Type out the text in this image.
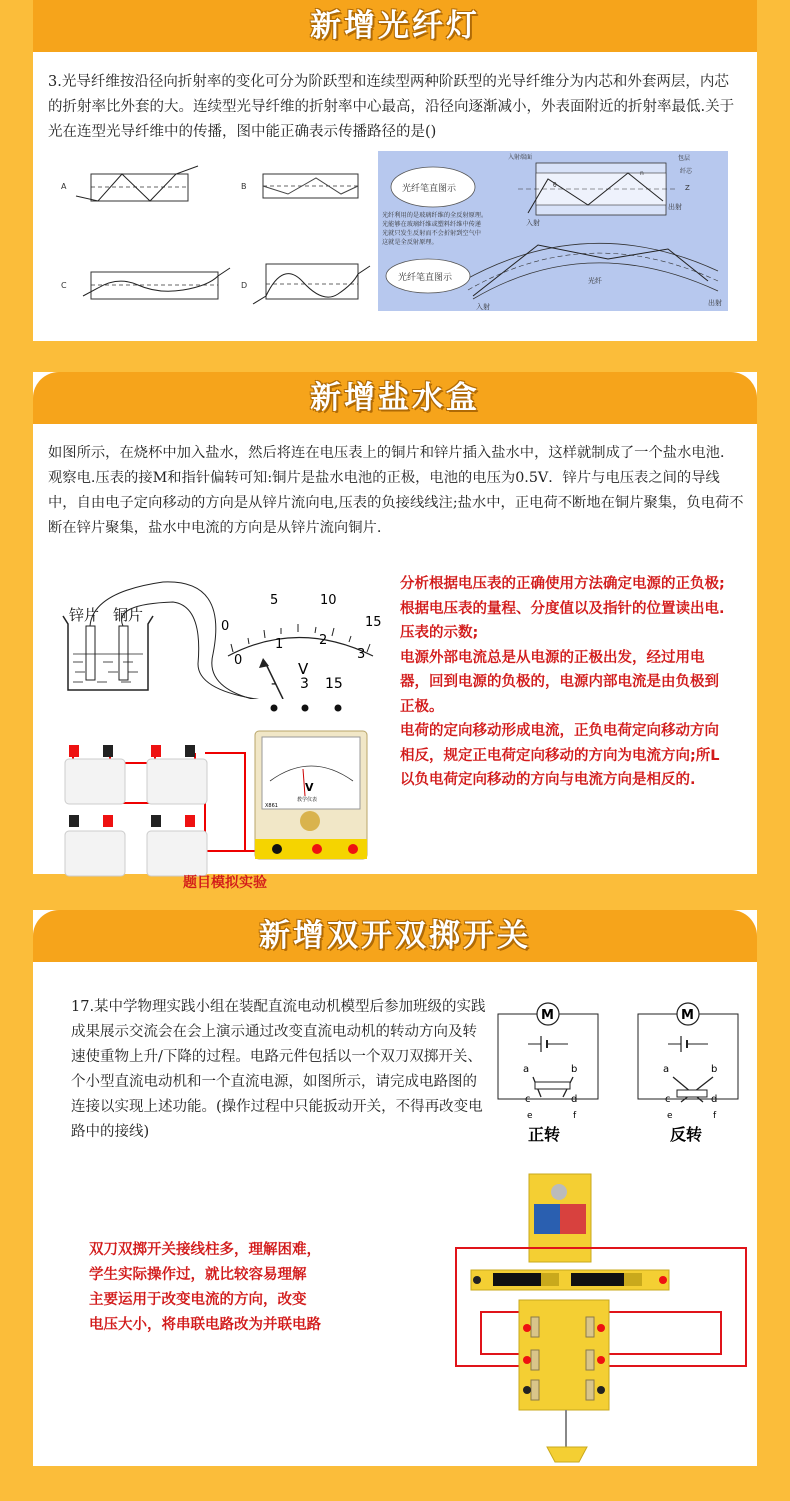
新增光纤灯
3.光导纤维按沿径向折射率的变化可分为阶跃型和连续型两种阶跃型的光导纤维分为内芯和外套两层，内芯的折射率比外套的大。连续型光导纤维的折射率中心最高，沿径向逐渐减小，外表面附近的折射率最低.关于光在连型光导纤维中的传播，图中能正确表示传播路径的是()
A	B
C	D
入射端面	包层
纤芯
Z
入射
出射
n
θ
光纤笔直图示
光纤利用的是玻璃纤维的全反射原理。 光能够在玻璃纤维或塑料纤维中传递 光就只发生反射而不会折射到空气中 这就是全反射原理。
光纤
入射	出射
光纤笔直图示
新增盐水盒
如图所示，在烧杯中加入盐水，然后将连在电压表上的铜片和锌片插入盐水中，这样就制成了一个盐水电池．观察电.压表的接M和指针偏转可知:铜片是盐水电池的正极，电池的电压为0.5V．锌片与电压表之间的导线中，自由电子定向移动的方向是从锌片流向电,压表的负接线线注;盐水中，正电荷不断地在铜片聚集，负电荷不断在锌片聚集，盐水中电流的方向是从锌片流向铜片.
锌片 铜片
0
5	10
15
0
1	2
3
V
- 3 15
V
教学仪表
X861
题目模拟实验
分析根据电压表的正确使用方法确定电源的正负极;根据电压表的量程、分度值以及指针的位置读出电.压表的示数;
电源外部电流总是从电源的正极出发，经过用电器，回到电源的负极的，电源内部电流是由负极到正极。
电荷的定向移动形成电流，正负电荷定向移动方向相反，规定正电荷定向移动的方向为电流方向;所L以负电荷定向移动的方向与电流方向是相反的.
新增双开双掷开关
17.某中学物理实践小组在装配直流电动机模型后参加班级的实践成果展示交流会在会上演示通过改变直流电动机的转动方向及转速使重物上升/下降的过程。电路元件包括以一个双刀双掷开关、个小型直流电动机和一个直流电源，如图所示，请完成电路图的连接以实现上述功能。(操作过程中只能扳动开关，不得再改变电路中的接线)
M
a	b
c	d
e	f
正转
M
a	b
c	d
e	f
反转
双刀双掷开关接线柱多，理解困难，
学生实际操作过，就比较容易理解
主要运用于改变电流的方向，改变
电压大小，将串联电路改为并联电路
